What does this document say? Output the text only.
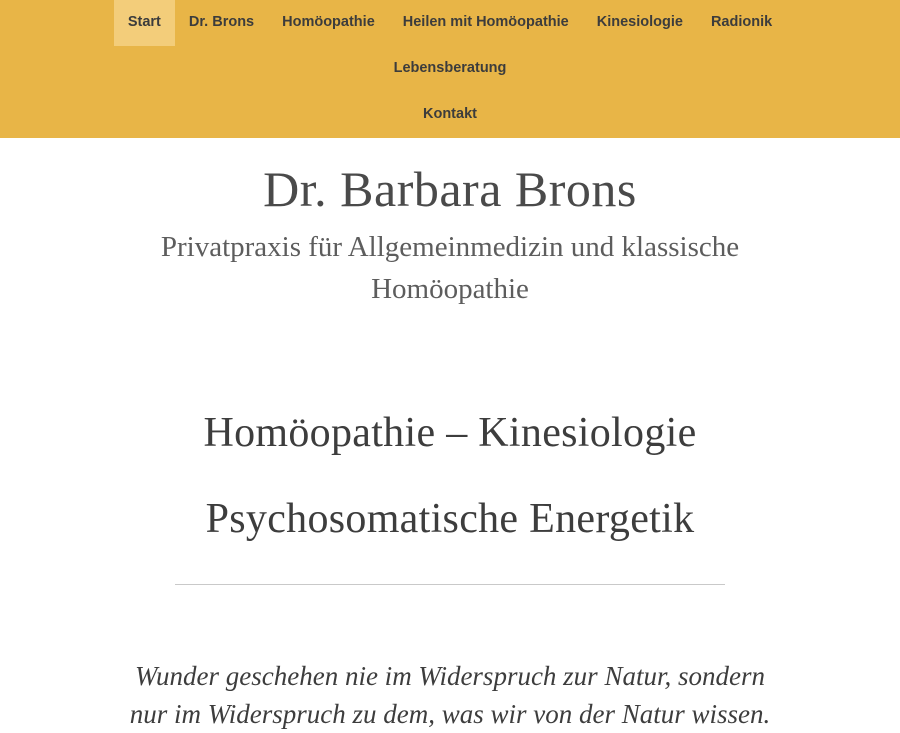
Start	Dr. Brons	Homöopathie	Heilen mit Homöopathie	Kinesiologie	Radionik
Lebensberatung
Kontakt
Dr. Barbara Brons
Privatpraxis für Allgemeinmedizin und klassische Homöopathie
Homöopathie – Kinesiologie
Psychosomatische Energetik
Wunder geschehen nie im Widerspruch zur Natur, sondern
nur im Widerspruch zu dem, was wir von der Natur wissen.
